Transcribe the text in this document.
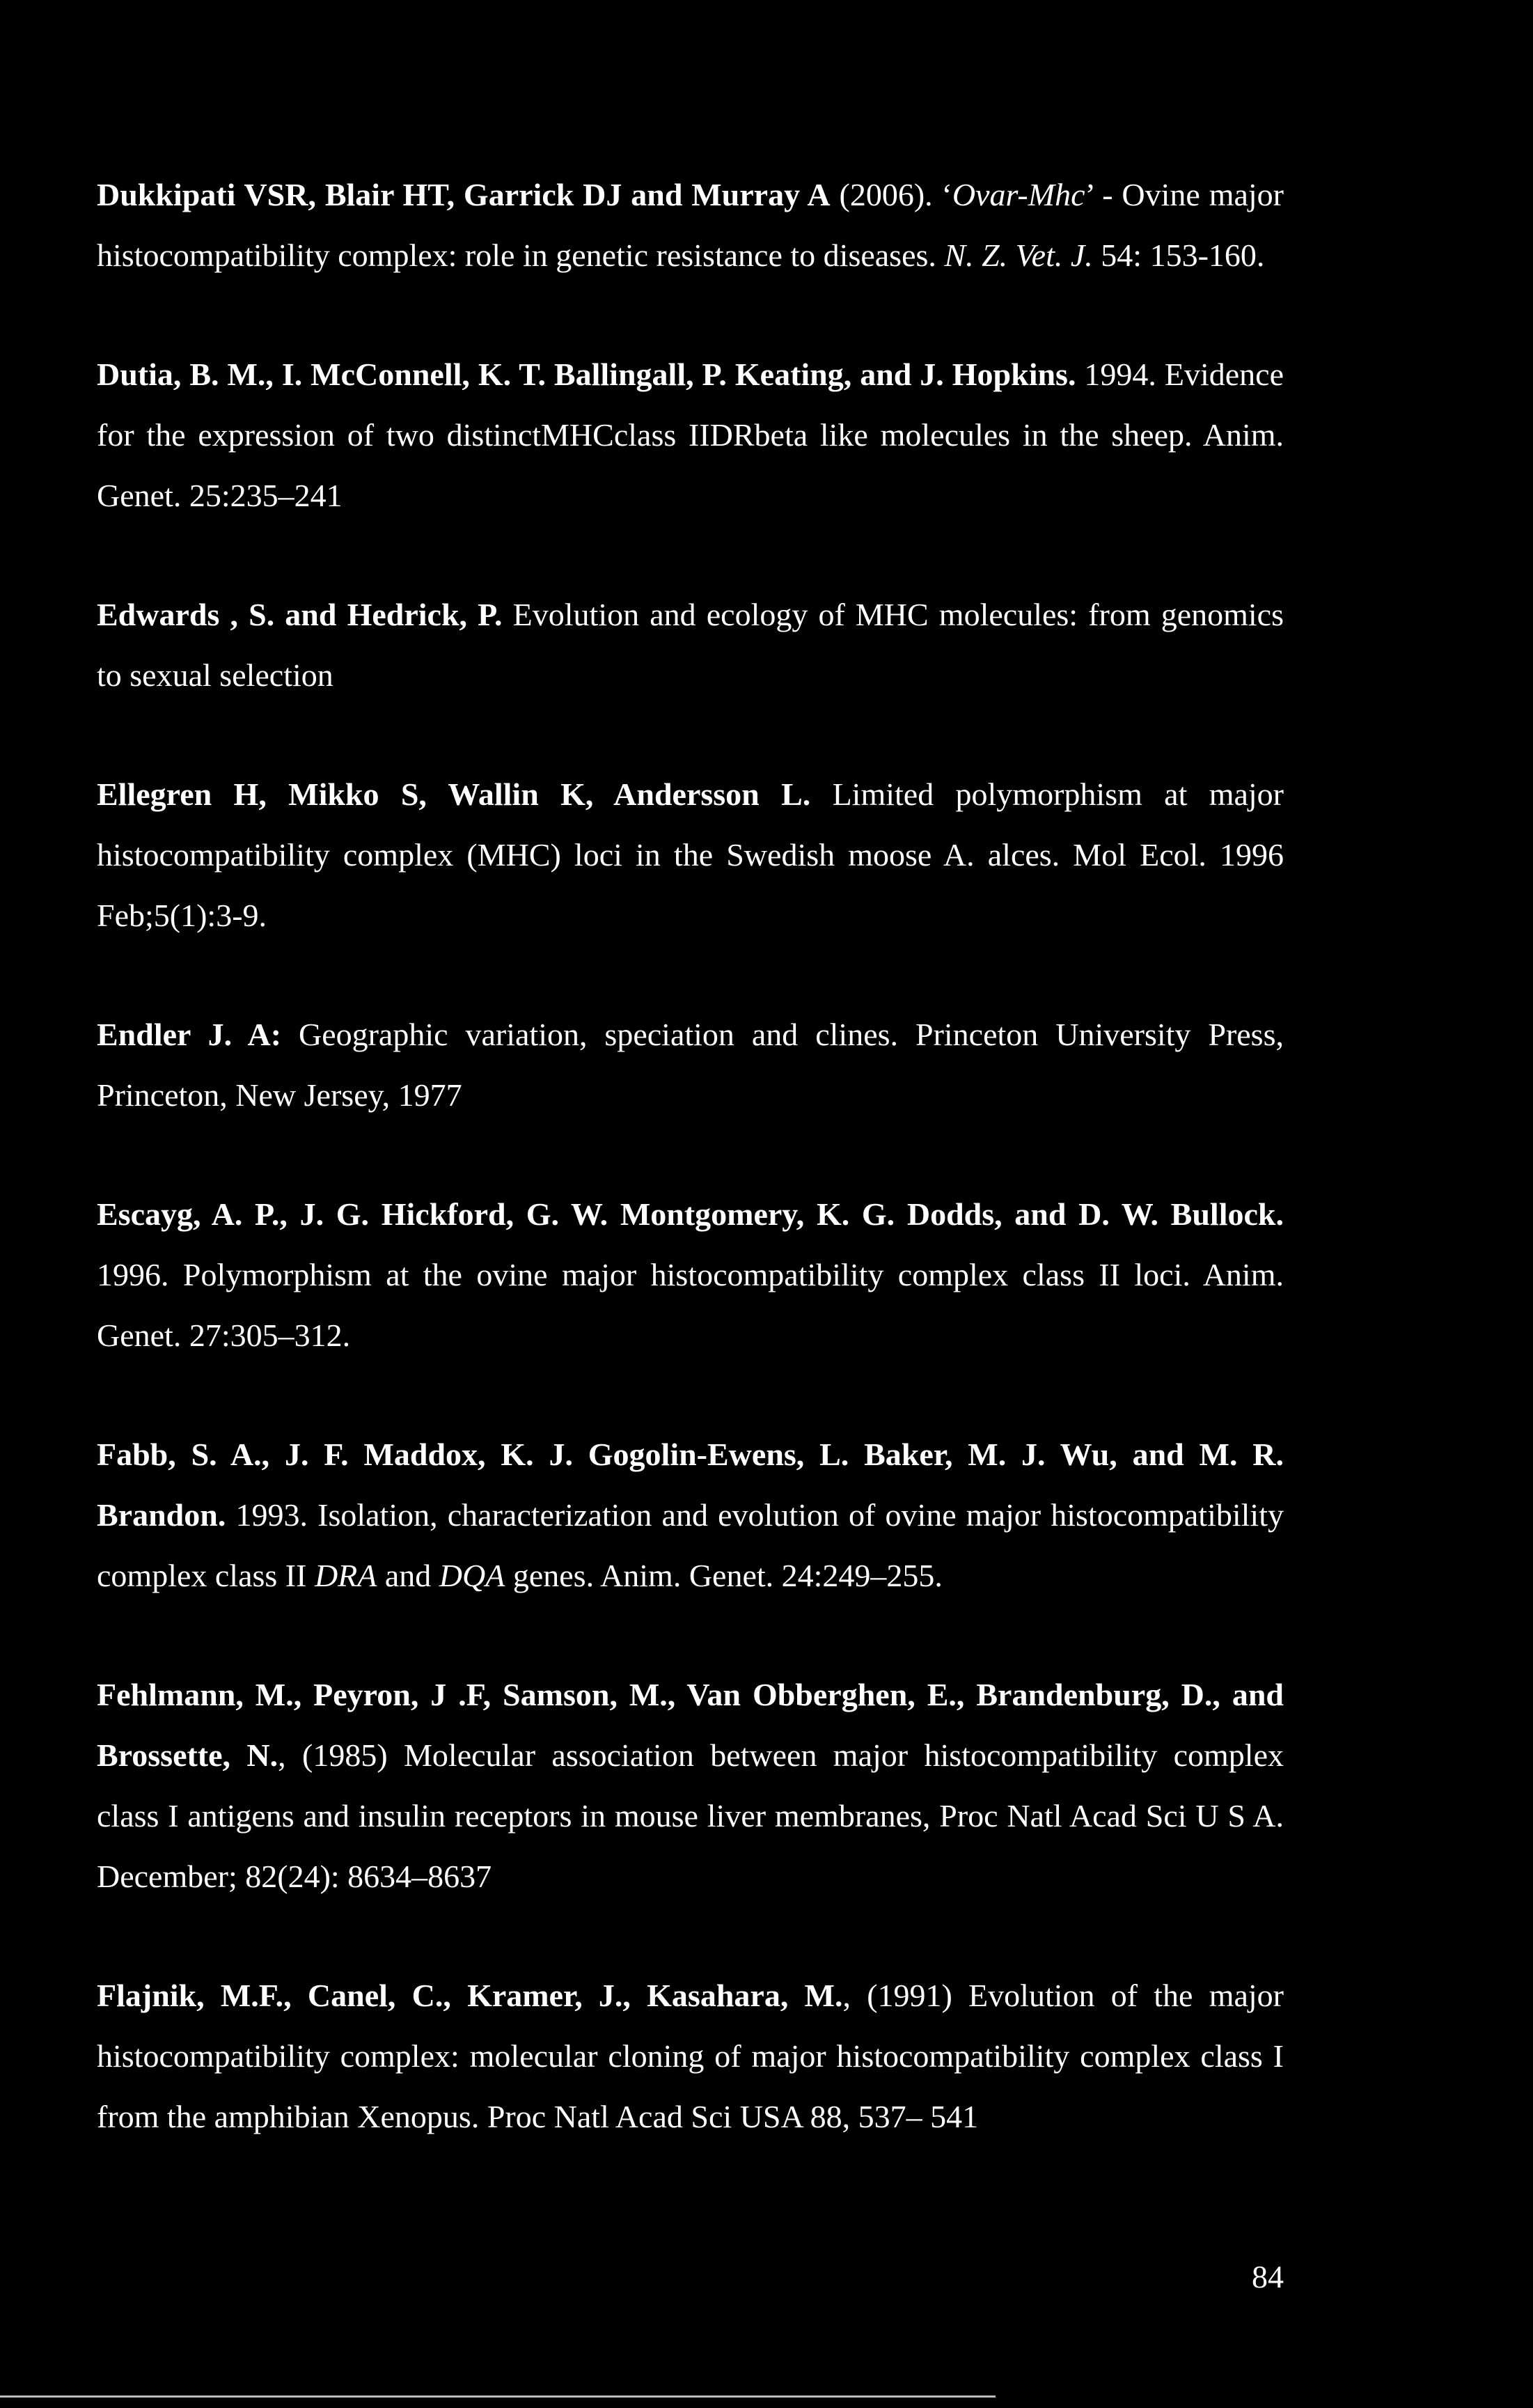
Dukkipati VSR, Blair HT, Garrick DJ and Murray A (2006). ‘Ovar-Mhc’ - Ovine major histocompatibility complex: role in genetic resistance to diseases. N. Z. Vet. J. 54: 153-160.

Dutia, B. M., I. McConnell, K. T. Ballingall, P. Keating, and J. Hopkins. 1994. Evidence for the expression of two distinctMHCclass IIDRbeta like molecules in the sheep. Anim. Genet. 25:235–241

Edwards , S. and Hedrick, P. Evolution and ecology of MHC molecules: from genomics to sexual selection

Ellegren H, Mikko S, Wallin K, Andersson L. Limited polymorphism at major histocompatibility complex (MHC) loci in the Swedish moose A. alces. Mol Ecol. 1996 Feb;5(1):3-9.

Endler J. A: Geographic variation, speciation and clines. Princeton University Press, Princeton, New Jersey, 1977

Escayg, A. P., J. G. Hickford, G. W. Montgomery, K. G. Dodds, and D. W. Bullock. 1996. Polymorphism at the ovine major histocompatibility complex class II loci. Anim. Genet. 27:305–312.

Fabb, S. A., J. F. Maddox, K. J. Gogolin-Ewens, L. Baker, M. J. Wu, and M. R. Brandon. 1993. Isolation, characterization and evolution of ovine major histocompatibility complex class II DRA and DQA genes. Anim. Genet. 24:249–255.

Fehlmann, M., Peyron, J .F, Samson, M., Van Obberghen, E., Brandenburg, D., and Brossette, N., (1985) Molecular association between major histocompatibility complex class I antigens and insulin receptors in mouse liver membranes, Proc Natl Acad Sci U S A. December; 82(24): 8634–8637

Flajnik, M.F., Canel, C., Kramer, J., Kasahara, M., (1991) Evolution of the major histocompatibility complex: molecular cloning of major histocompatibility complex class I from the amphibian Xenopus. Proc Natl Acad Sci USA 88, 537– 541

84
